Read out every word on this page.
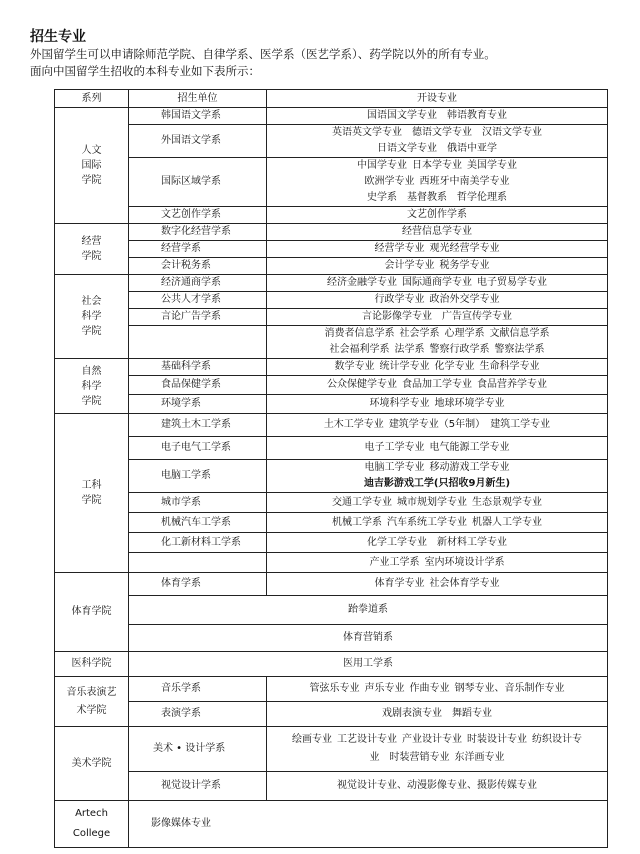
招生专业
外国留学生可以申请除师范学院、自律学系、医学系（医艺学系）、药学院以外的所有专业。
面向中国留学生招收的本科专业如下表所示：
系列	招生单位	开设专业

人文
国际
学院	韩国语文学系	国语国文学专业  韩语教育专业
	外国语文学系	英语英文学专业  德语文学专业  汉语文学专业
日语文学专业  俄语中亚学
	国际区域学系	中国学专业  日本学专业  美国学专业
欧洲学专业  西班牙中南美学专业
史学系  基督教系  哲学伦理系
	文艺创作学系	文艺创作学系

经营
学院	数字化经营学系	经营信息学专业
	经营学系	经营学专业  观光经营学专业
	会计税务系	会计学专业  税务学专业

社会
科学
学院	经济通商学系	经济金融学专业  国际通商学专业  电子贸易学专业
	公共人才学系	行政学专业  政治外交学专业
	言论广告学系	言论影像学专业  广告宣传学专业
		消费者信息学系  社会学系  心理学系  文献信息学系
社会福利学系  法学系  警察行政学系  警察法学系

自然
科学
学院	基础科学系	数学专业  统计学专业  化学专业  生命科学专业
	食品保健学系	公众保健学专业  食品加工学专业  食品营养学专业
	环境学系	环境科学专业  地球环境学专业

工科
学院	建筑土木工学系	土木工学专业  建筑学专业（5年制）  建筑工学专业
	电子电气工学系	电子工学专业  电气能源工学专业
	电脑工学系	电脑工学专业  移动游戏工学专业
迪吉影游戏工学(只招收9月新生)
	城市学系	交通工学专业  城市规划学专业  生态景观学专业
	机械汽车工学系	机械工学系  汽车系统工学专业  机器人工学专业
	化工新材料工学系	化学工学专业  新材料工学专业
		产业工学系  室内环境设计学系
体育学院	体育学系	体育学专业  社会体育学专业
	跆拳道系	
	体育营销系	
医科学院	医用工学系	

音乐表演艺
术学院	音乐学系	管弦乐专业  声乐专业  作曲专业  钢琴专业、音乐制作专业
	表演学系	戏剧表演专业  舞蹈专业
美术学院	美术 • 设计学系	绘画专业  工艺设计专业  产业设计专业  时装设计专业  纺织设计专
业  时装营销专业  东洋画专业
	视觉设计学系	视觉设计专业、动漫影像专业、摄影传媒专业

Artech
College	影像媒体专业	
